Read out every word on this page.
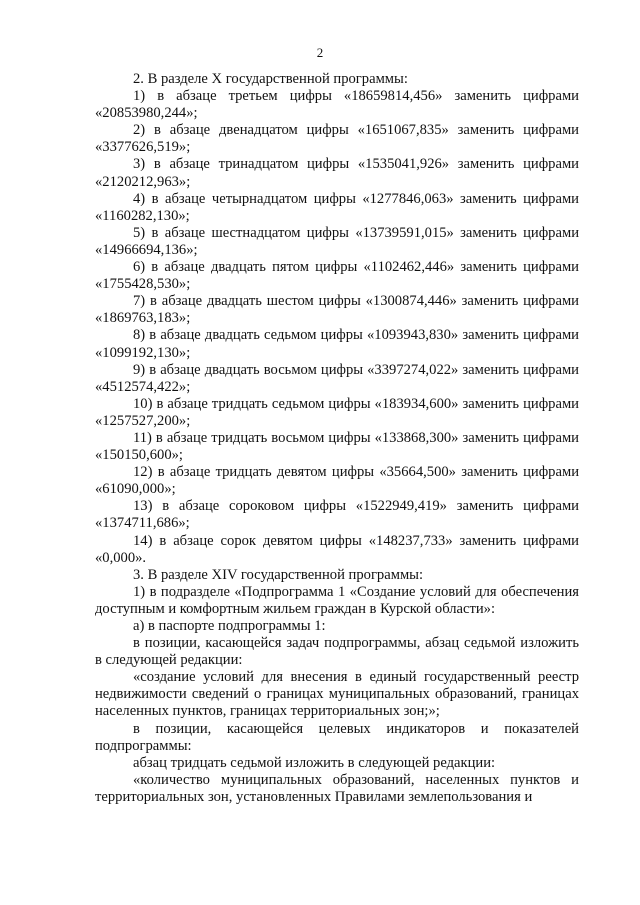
2

2. В разделе X государственной программы:

1) в абзаце третьем цифры «18659814,456» заменить цифрами «20853980,244»;

2) в абзаце двенадцатом цифры «1651067,835» заменить цифрами «3377626,519»;

3) в абзаце тринадцатом цифры «1535041,926» заменить цифрами «2120212,963»;

4) в абзаце четырнадцатом цифры «1277846,063» заменить цифрами «1160282,130»;

5) в абзаце шестнадцатом цифры «13739591,015» заменить цифрами «14966694,136»;

6) в абзаце двадцать пятом цифры «1102462,446» заменить цифрами «1755428,530»;

7) в абзаце двадцать шестом цифры «1300874,446» заменить цифрами «1869763,183»;

8) в абзаце двадцать седьмом цифры «1093943,830» заменить цифрами «1099192,130»;

9) в абзаце двадцать восьмом цифры «3397274,022» заменить цифрами «4512574,422»;

10) в абзаце тридцать седьмом цифры «183934,600» заменить цифрами «1257527,200»;

11) в абзаце тридцать восьмом цифры «133868,300» заменить цифрами «150150,600»;

12) в абзаце тридцать девятом цифры «35664,500» заменить цифрами «61090,000»;

13) в абзаце сороковом цифры «1522949,419» заменить цифрами «1374711,686»;

14) в абзаце сорок девятом цифры «148237,733» заменить цифрами «0,000».

3. В разделе XIV государственной программы:

1) в подразделе «Подпрограмма 1 «Создание условий для обеспечения доступным и комфортным жильем граждан в Курской области»:

а) в паспорте подпрограммы 1:

в позиции, касающейся задач подпрограммы, абзац седьмой изложить в следующей редакции:

«создание условий для внесения в единый государственный реестр недвижимости сведений о границах муниципальных образований, границах населенных пунктов, границах территориальных зон;»;

в позиции, касающейся целевых индикаторов и показателей подпрограммы:

абзац тридцать седьмой изложить в следующей редакции:

«количество муниципальных образований, населенных пунктов и территориальных зон, установленных Правилами землепользования и
